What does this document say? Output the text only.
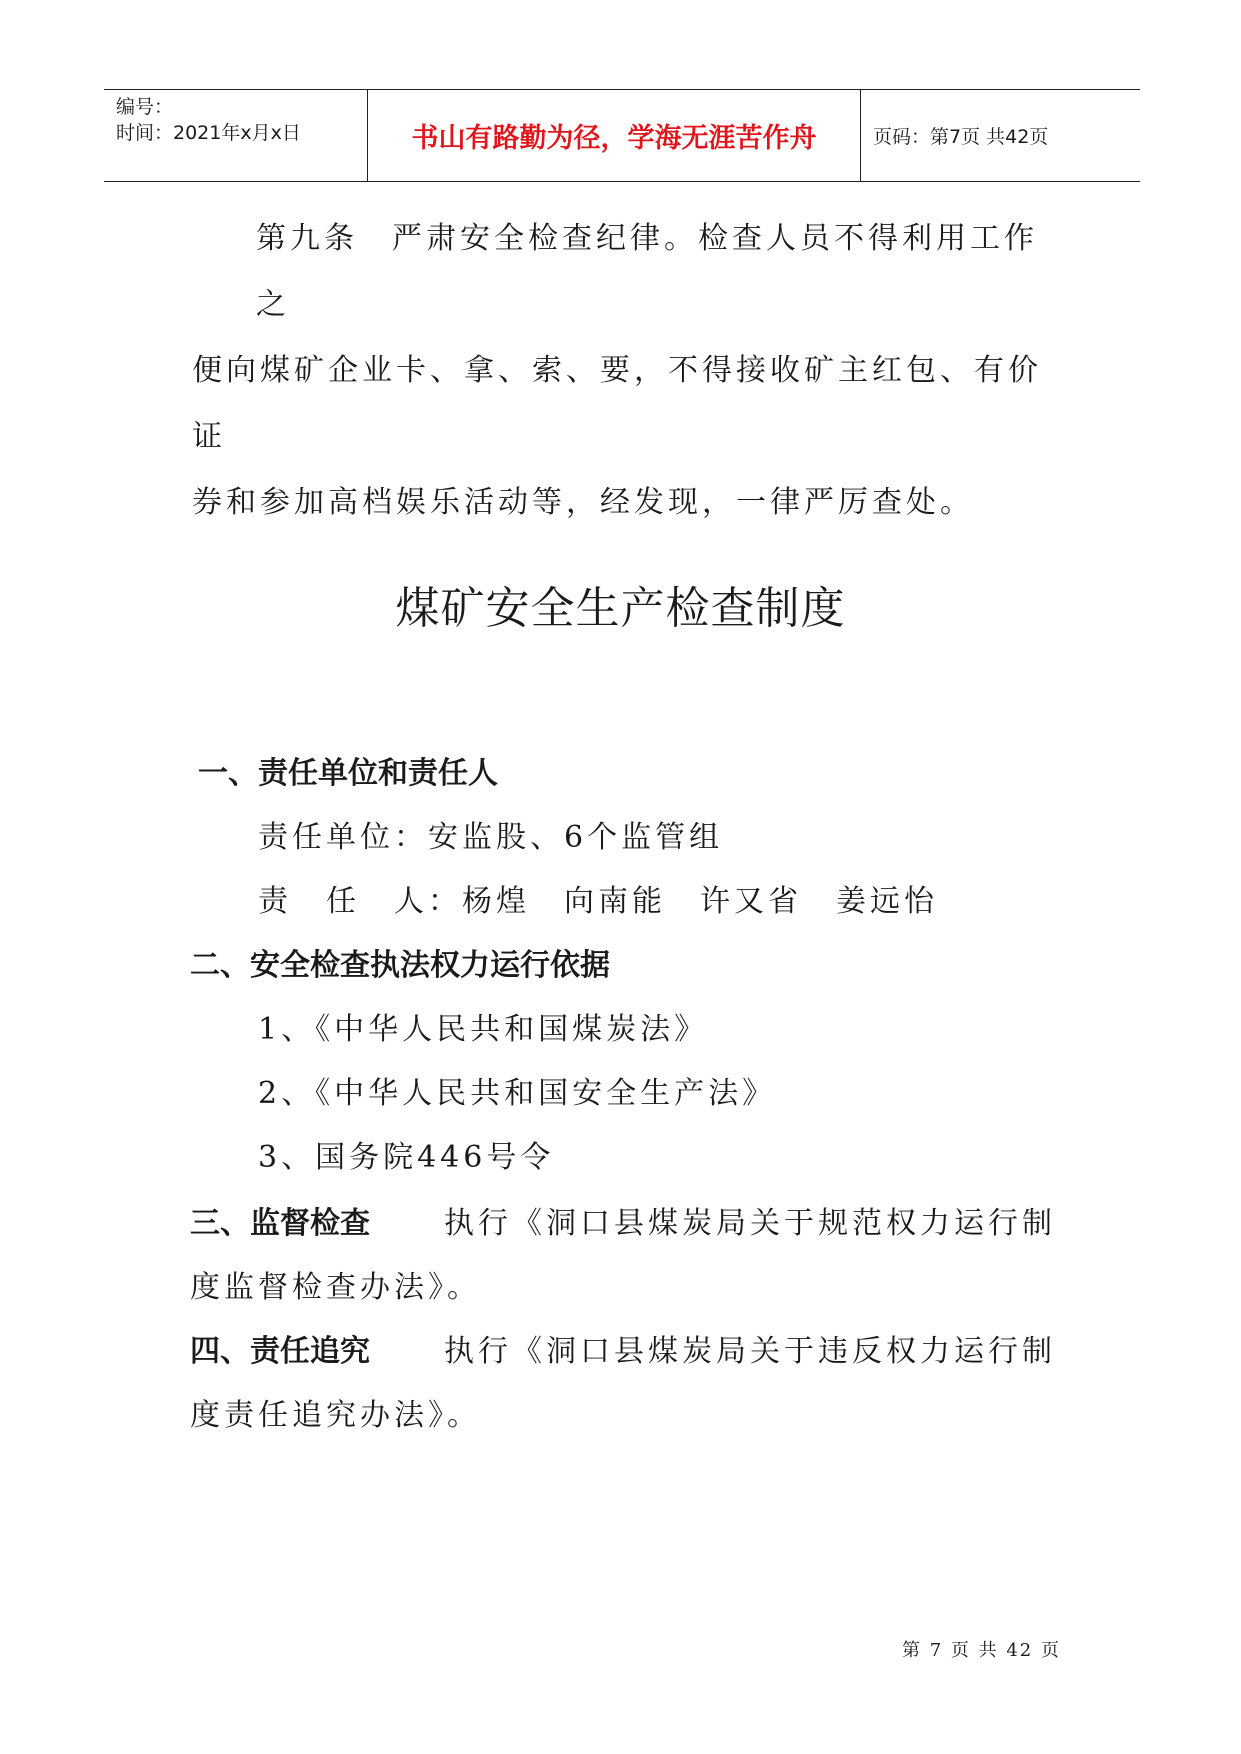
编号：
时间：2021年x月x日	书山有路勤为径，学海无涯苦作舟	页码：第7页 共42页
第九条　严肃安全检查纪律。检查人员不得利用工作之
便向煤矿企业卡、拿、索、要，不得接收矿主红包、有价证
券和参加高档娱乐活动等，经发现，一律严厉查处。
煤矿安全生产检查制度
一、责任单位和责任人
责任单位：安监股、6个监管组
责　任　人：杨煌　向南能　许又省　姜远怡
二、安全检查执法权力运行依据
1、《中华人民共和国煤炭法》
2、《中华人民共和国安全生产法》
3、国务院446号令
三、监督检查 执行《洞口县煤炭局关于规范权力运行制
度监督检查办法》。
四、责任追究 执行《洞口县煤炭局关于违反权力运行制
度责任追究办法》。
第 7 页 共 42 页
